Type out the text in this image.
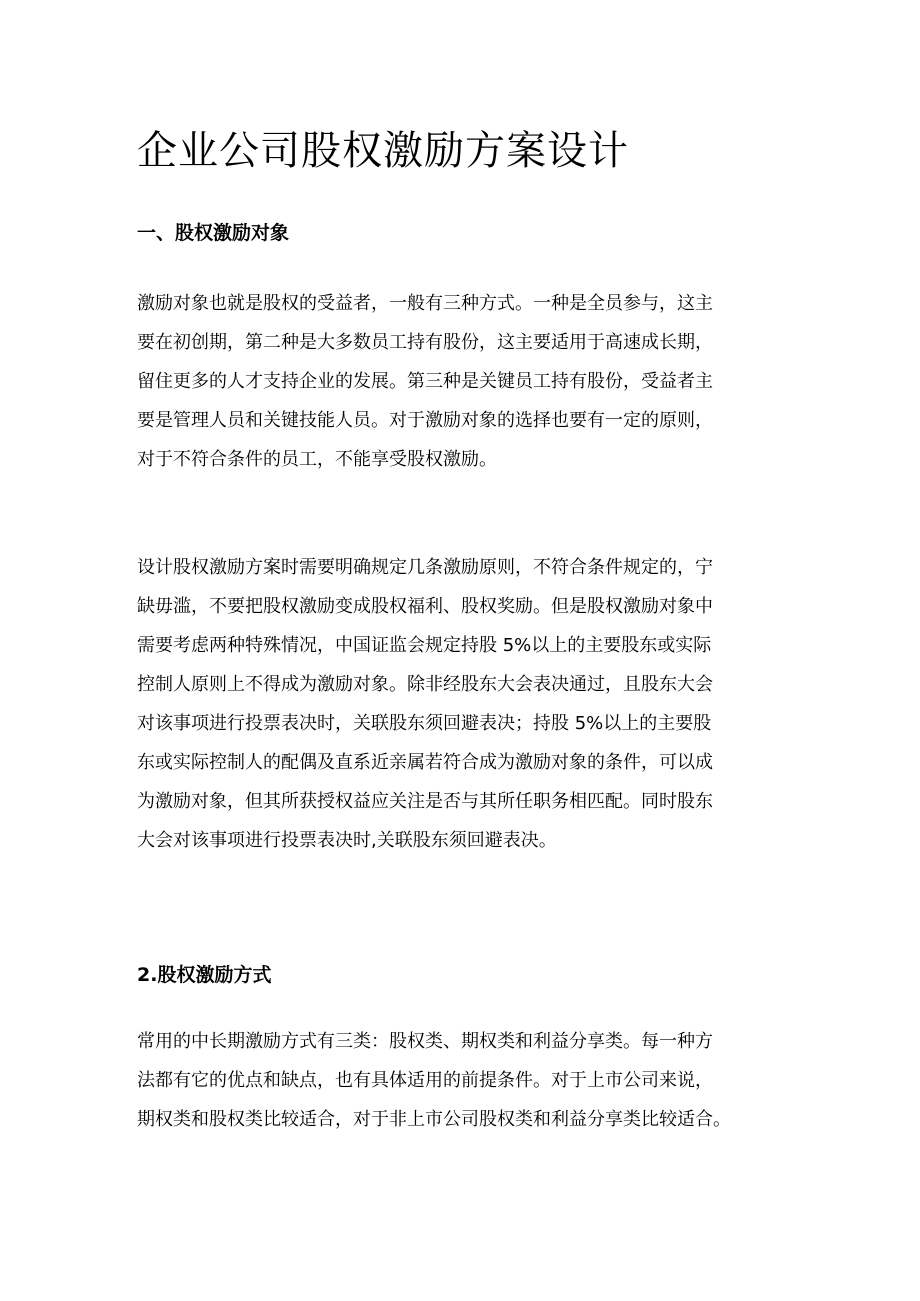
企业公司股权激励方案设计
一、股权激励对象
激励对象也就是股权的受益者，一般有三种方式。一种是全员参与，这主
要在初创期，第二种是大多数员工持有股份，这主要适用于高速成长期，
留住更多的人才支持企业的发展。第三种是关键员工持有股份，受益者主
要是管理人员和关键技能人员。对于激励对象的选择也要有一定的原则，
对于不符合条件的员工，不能享受股权激励。
设计股权激励方案时需要明确规定几条激励原则，不符合条件规定的，宁
缺毋滥，不要把股权激励变成股权福利、股权奖励。但是股权激励对象中
需要考虑两种特殊情况，中国证监会规定持股 5%以上的主要股东或实际
控制人原则上不得成为激励对象。除非经股东大会表决通过，且股东大会
对该事项进行投票表决时，关联股东须回避表决；持股 5%以上的主要股
东或实际控制人的配偶及直系近亲属若符合成为激励对象的条件，可以成
为激励对象，但其所获授权益应关注是否与其所任职务相匹配。同时股东
大会对该事项进行投票表决时,关联股东须回避表决。
2.股权激励方式
常用的中长期激励方式有三类：股权类、期权类和利益分享类。每一种方
法都有它的优点和缺点，也有具体适用的前提条件。对于上市公司来说，
期权类和股权类比较适合，对于非上市公司股权类和利益分享类比较适合。
